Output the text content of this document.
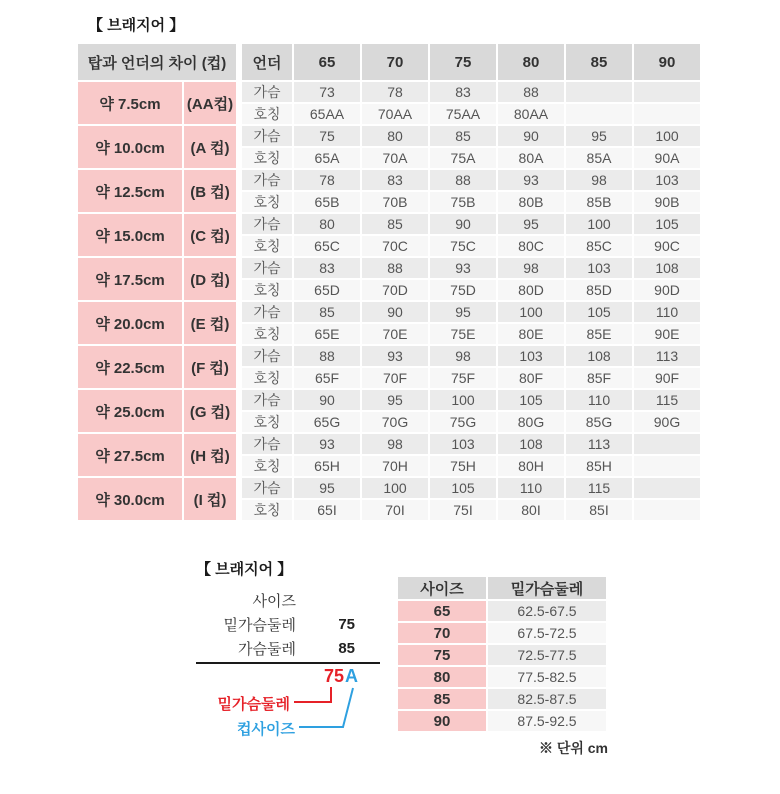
【 브래지어 】
탑과 언더의 차이 (컵)			언더	65	70	75	80	85	90
약 7.5cm	(AA컵)		가슴	73	78	83	88		
			호칭	65AA	70AA	75AA	80AA		
약 10.0cm	(A 컵)		가슴	75	80	85	90	95	100
			호칭	65A	70A	75A	80A	85A	90A
약 12.5cm	(B 컵)		가슴	78	83	88	93	98	103
			호칭	65B	70B	75B	80B	85B	90B
약 15.0cm	(C 컵)		가슴	80	85	90	95	100	105
			호칭	65C	70C	75C	80C	85C	90C
약 17.5cm	(D 컵)		가슴	83	88	93	98	103	108
			호칭	65D	70D	75D	80D	85D	90D
약 20.0cm	(E 컵)		가슴	85	90	95	100	105	110
			호칭	65E	70E	75E	80E	85E	90E
약 22.5cm	(F 컵)		가슴	88	93	98	103	108	113
			호칭	65F	70F	75F	80F	85F	90F
약 25.0cm	(G 컵)		가슴	90	95	100	105	110	115
			호칭	65G	70G	75G	80G	85G	90G
약 27.5cm	(H 컵)		가슴	93	98	103	108	113	
			호칭	65H	70H	75H	80H	85H	
약 30.0cm	(I 컵)		가슴	95	100	105	110	115	
			호칭	65I	70I	75I	80I	85I	
【 브래지어 】
사이즈
밑가슴둘레	75
가슴둘레	85
75A
밑가슴둘레
컵사이즈
사이즈	밑가슴둘레
65	62.5-67.5
70	67.5-72.5
75	72.5-77.5
80	77.5-82.5
85	82.5-87.5
90	87.5-92.5
※ 단위 cm
